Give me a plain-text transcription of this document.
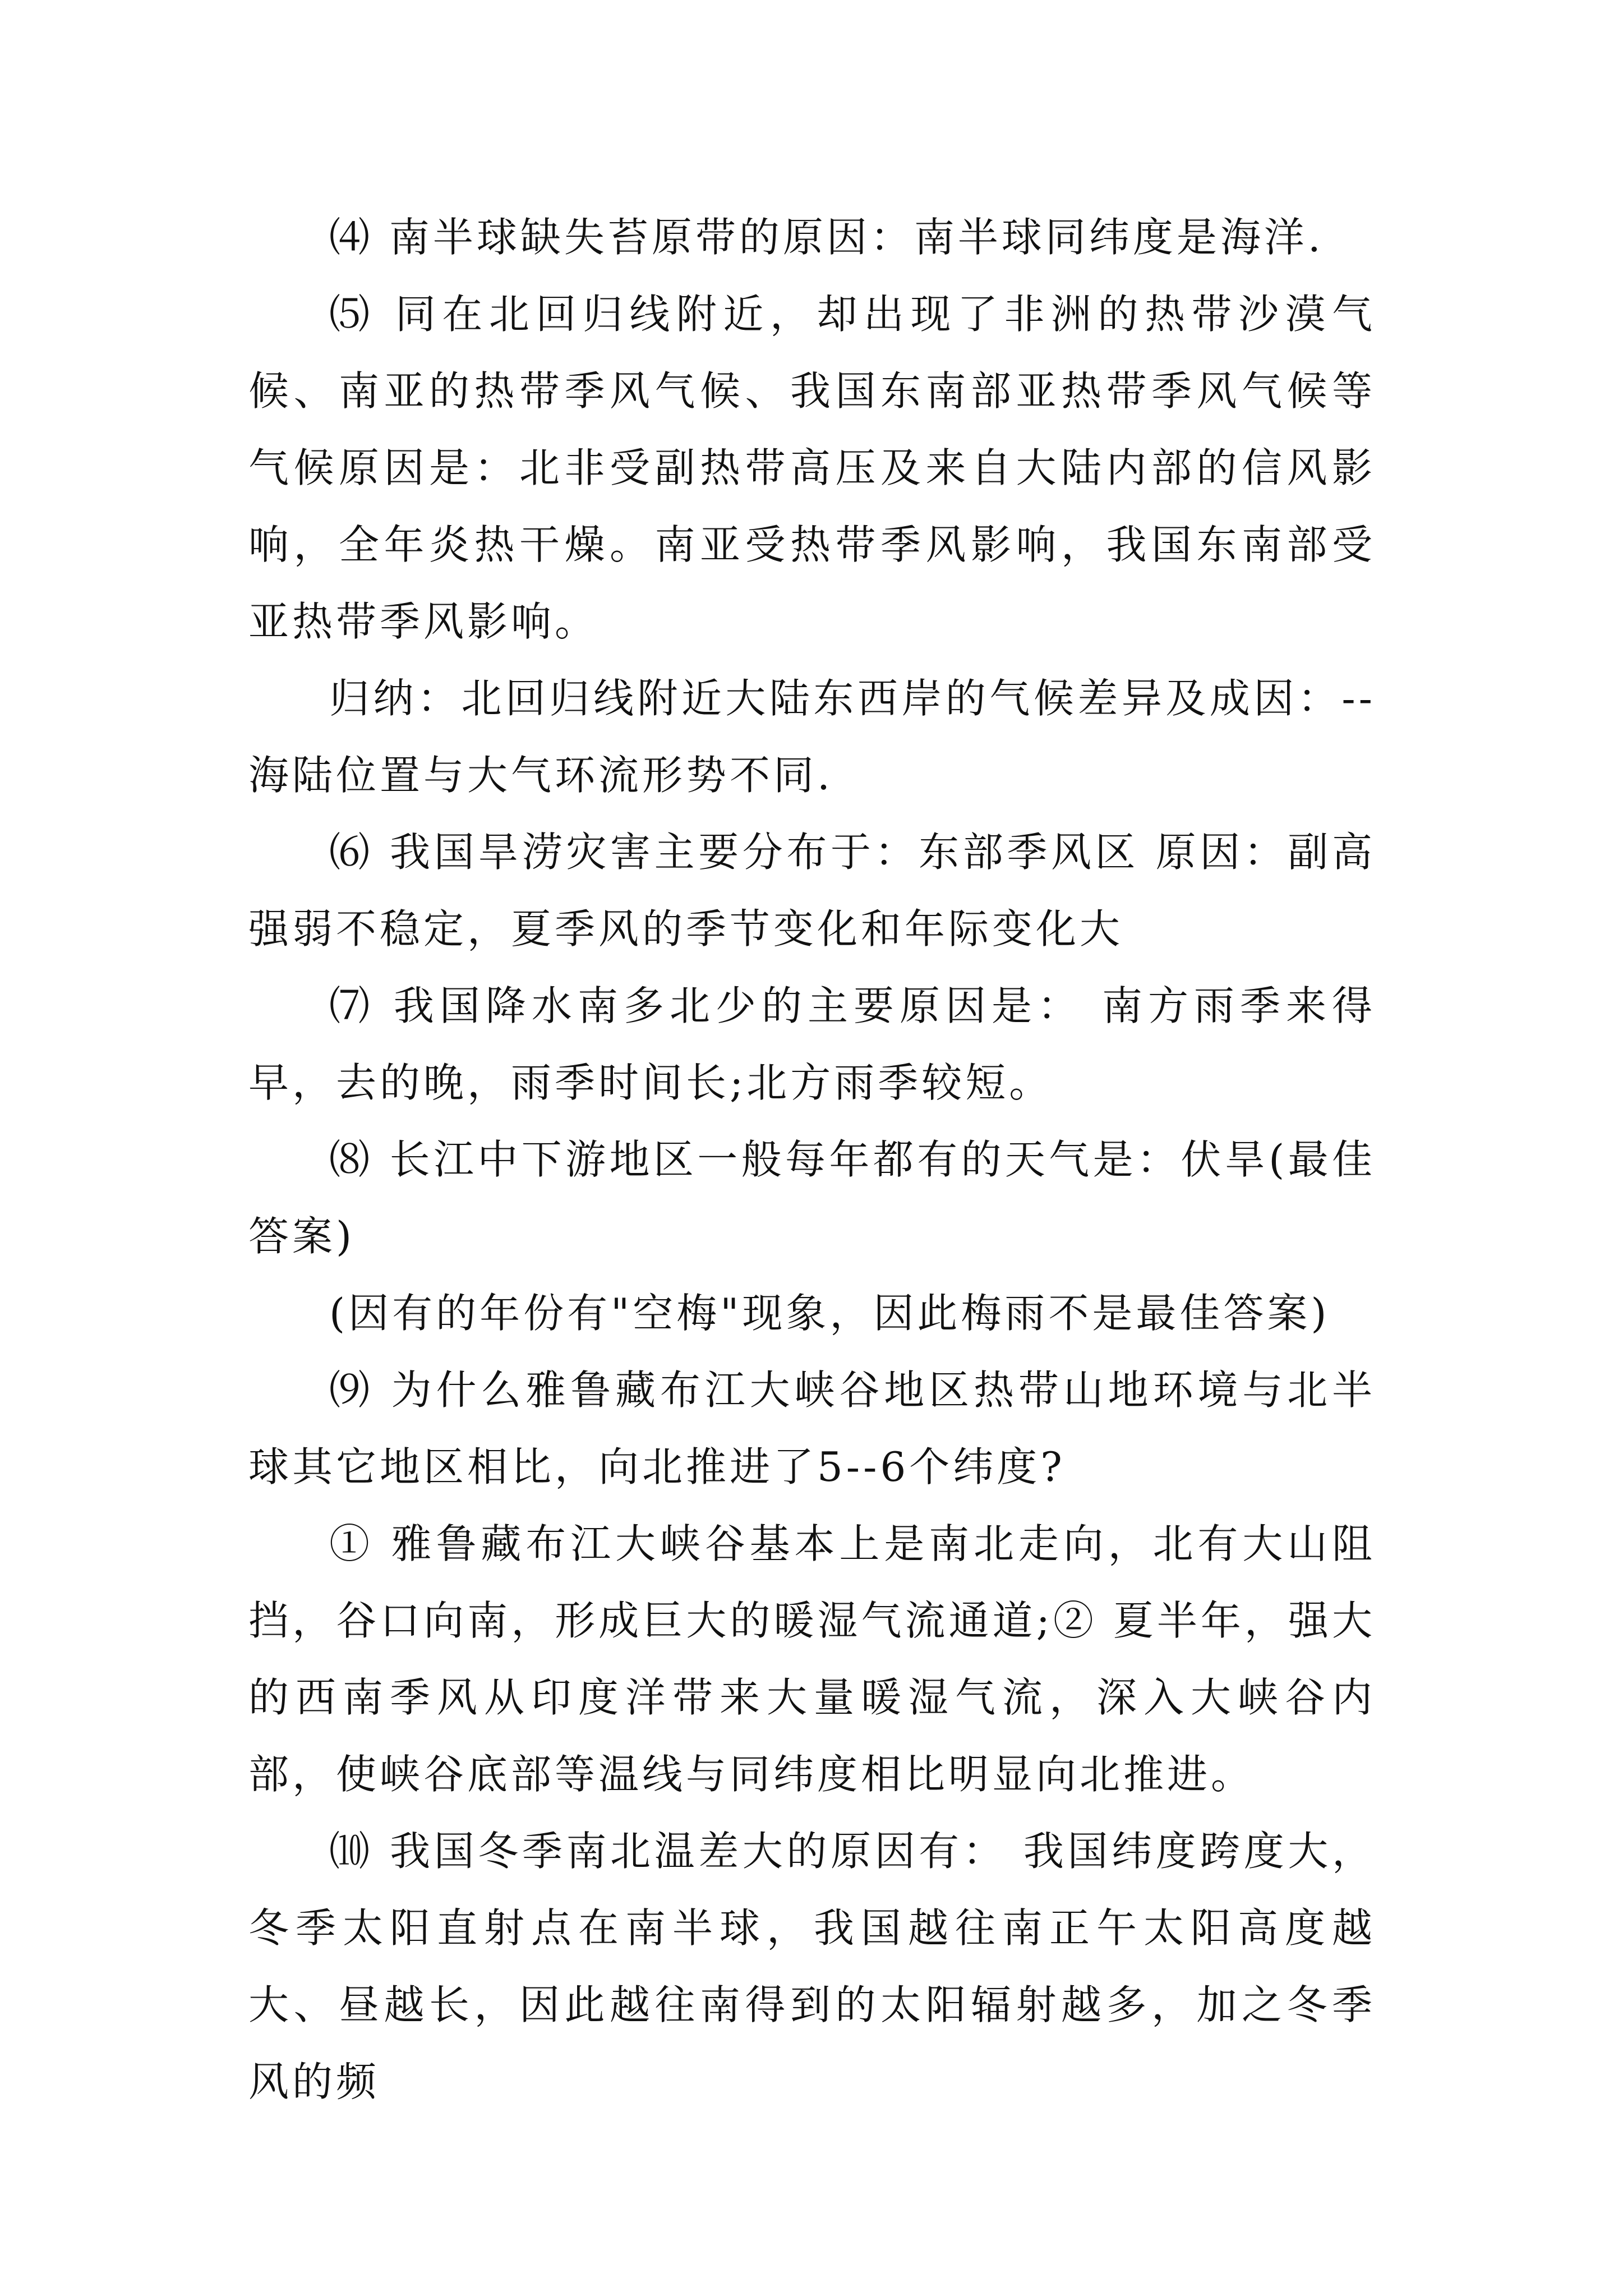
⑷ 南半球缺失苔原带的原因：南半球同纬度是海洋.

⑸ 同在北回归线附近，却出现了非洲的热带沙漠气候、南亚的热带季风气候、我国东南部亚热带季风气候等气候原因是：北非受副热带高压及来自大陆内部的信风影响，全年炎热干燥。南亚受热带季风影响，我国东南部受亚热带季风影响。

归纳：北回归线附近大陆东西岸的气候差异及成因：--海陆位置与大气环流形势不同.

⑹ 我国旱涝灾害主要分布于：东部季风区 原因：副高强弱不稳定，夏季风的季节变化和年际变化大

⑺ 我国降水南多北少的主要原因是： 南方雨季来得早，去的晚，雨季时间长;北方雨季较短。

⑻ 长江中下游地区一般每年都有的天气是：伏旱(最佳答案)

(因有的年份有"空梅"现象，因此梅雨不是最佳答案)

⑼ 为什么雅鲁藏布江大峡谷地区热带山地环境与北半球其它地区相比，向北推进了5--6个纬度?

① 雅鲁藏布江大峡谷基本上是南北走向，北有大山阻挡，谷口向南，形成巨大的暖湿气流通道;② 夏半年，强大的西南季风从印度洋带来大量暖湿气流，深入大峡谷内部，使峡谷底部等温线与同纬度相比明显向北推进。

⑽ 我国冬季南北温差大的原因有： 我国纬度跨度大，冬季太阳直射点在南半球，我国越往南正午太阳高度越大、昼越长，因此越往南得到的太阳辐射越多，加之冬季风的频
